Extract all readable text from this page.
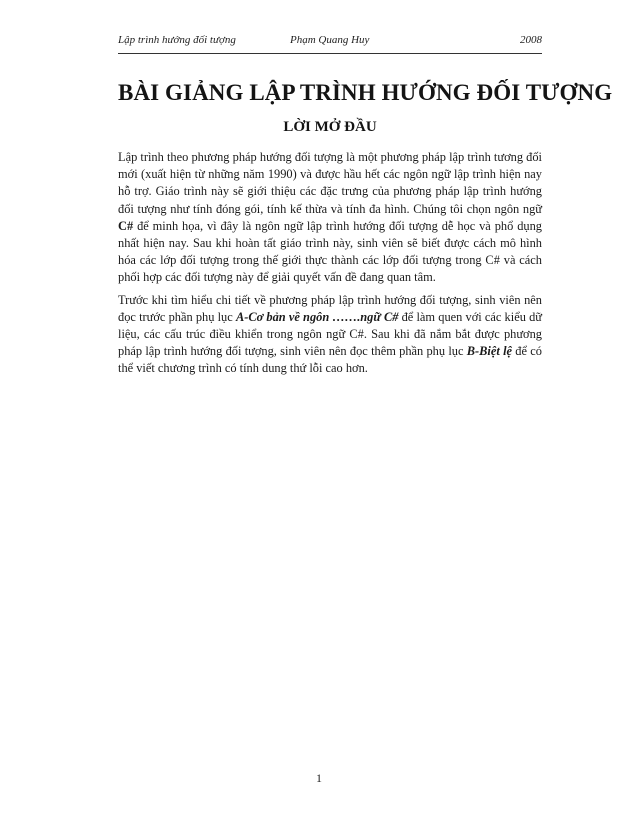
Lập trình hướng đối tượng	Phạm Quang Huy	2008
BÀI GIẢNG LẬP TRÌNH HƯỚNG ĐỐI TƯỢNG
LỜI MỞ ĐẦU

Lập trình theo phương pháp hướng đối tượng là một phương pháp lập trình tương đối mới (xuất hiện từ những năm 1990) và được hầu hết các ngôn ngữ lập trình hiện nay hỗ trợ. Giáo trình này sẽ giới thiệu các đặc trưng của phương pháp lập trình hướng đối tượng như tính đóng gói, tính kế thừa và tính đa hình. Chúng tôi chọn ngôn ngữ C# để minh họa, vì đây là ngôn ngữ lập trình hướng đối tượng dễ học và phổ dụng nhất hiện nay. Sau khi hoàn tất giáo trình này, sinh viên sẽ biết được cách mô hình hóa các lớp đối tượng trong thế giới thực thành các lớp đối tượng trong C# và cách phối hợp các đối tượng này để giải quyết vấn đề đang quan tâm.

Trước khi tìm hiểu chi tiết về phương pháp lập trình hướng đối tượng, sinh viên nên đọc trước phần phụ lục A-Cơ bản về ngôn …….ngữ C# để làm quen với các kiểu dữ liệu, các cấu trúc điều khiển trong ngôn ngữ C#. Sau khi đã nắm bắt được phương pháp lập trình hướng đối tượng, sinh viên nên đọc thêm phần phụ lục B-Biệt lệ để có thể viết chương trình có tính dung thứ lỗi cao hơn.

1
